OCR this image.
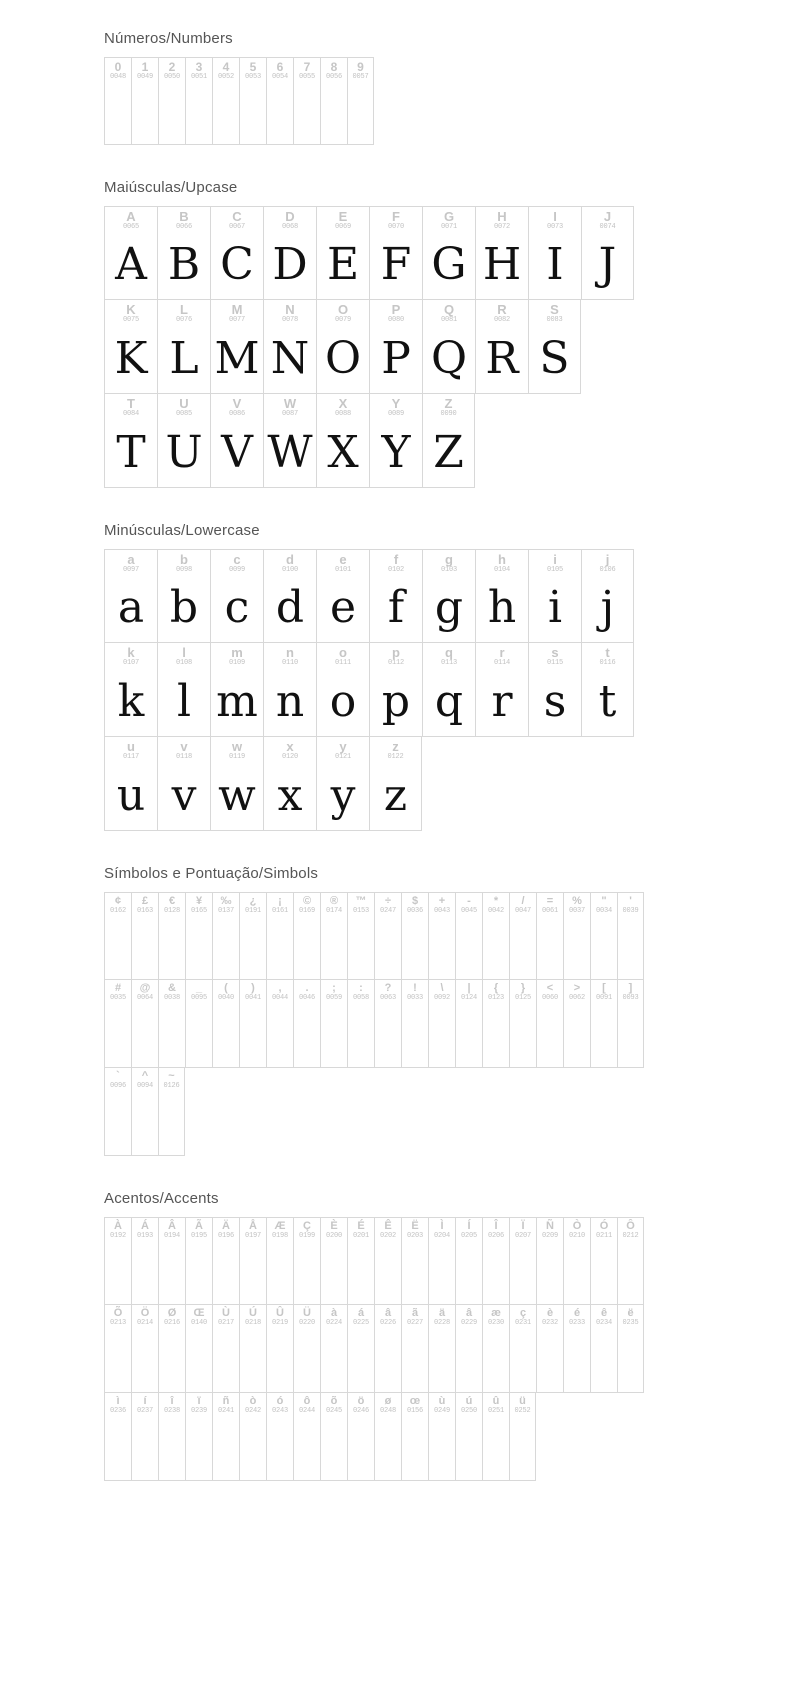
Números/Numbers
0
0048
1
0049
2
0050
3
0051
4
0052
5
0053
6
0054
7
0055
8
0056
9
0057
Maiúsculas/Upcase
A
0065
A
B
0066
B
C
0067
C
D
0068
D
E
0069
E
F
0070
F
G
0071
G
H
0072
H
I
0073
I
J
0074
J
K
0075
K
L
0076
L
M
0077
M
N
0078
N
O
0079
O
P
0080
P
Q
0081
Q
R
0082
R
S
0083
S
T
0084
T
U
0085
U
V
0086
V
W
0087
W
X
0088
X
Y
0089
Y
Z
0090
Z
Minúsculas/Lowercase
a
0097
a
b
0098
b
c
0099
c
d
0100
d
e
0101
e
f
0102
f
g
0103
g
h
0104
h
i
0105
i
j
0106
j
k
0107
k
l
0108
l
m
0109
m
n
0110
n
o
0111
o
p
0112
p
q
0113
q
r
0114
r
s
0115
s
t
0116
t
u
0117
u
v
0118
v
w
0119
w
x
0120
x
y
0121
y
z
0122
z
Símbolos e Pontuação/Simbols
¢
0162
£
0163
€
0128
¥
0165
‰
0137
¿
0191
¡
0161
©
0169
®
0174
™
0153
÷
0247
$
0036
+
0043
-
0045
*
0042
/
0047
=
0061
%
0037
"
0034
'
0039
#
0035
@
0064
&
0038
_
0095
(
0040
)
0041
,
0044
.
0046
;
0059
:
0058
?
0063
!
0033
\
0092
|
0124
{
0123
}
0125
<
0060
>
0062
[
0091
]
0093
`
0096
^
0094
~
0126
Acentos/Accents
À
0192
Á
0193
Â
0194
Ã
0195
Ä
0196
Å
0197
Æ
0198
Ç
0199
È
0200
É
0201
Ê
0202
Ë
0203
Ì
0204
Í
0205
Î
0206
Ï
0207
Ñ
0209
Ò
0210
Ó
0211
Ô
0212
Õ
0213
Ö
0214
Ø
0216
Œ
0140
Ù
0217
Ú
0218
Û
0219
Ü
0220
à
0224
á
0225
â
0226
ã
0227
ä
0228
â
0229
æ
0230
ç
0231
è
0232
é
0233
ê
0234
ë
0235
ì
0236
í
0237
î
0238
ï
0239
ñ
0241
ò
0242
ó
0243
ô
0244
õ
0245
ö
0246
ø
0248
œ
0156
ù
0249
ú
0250
û
0251
ü
0252
